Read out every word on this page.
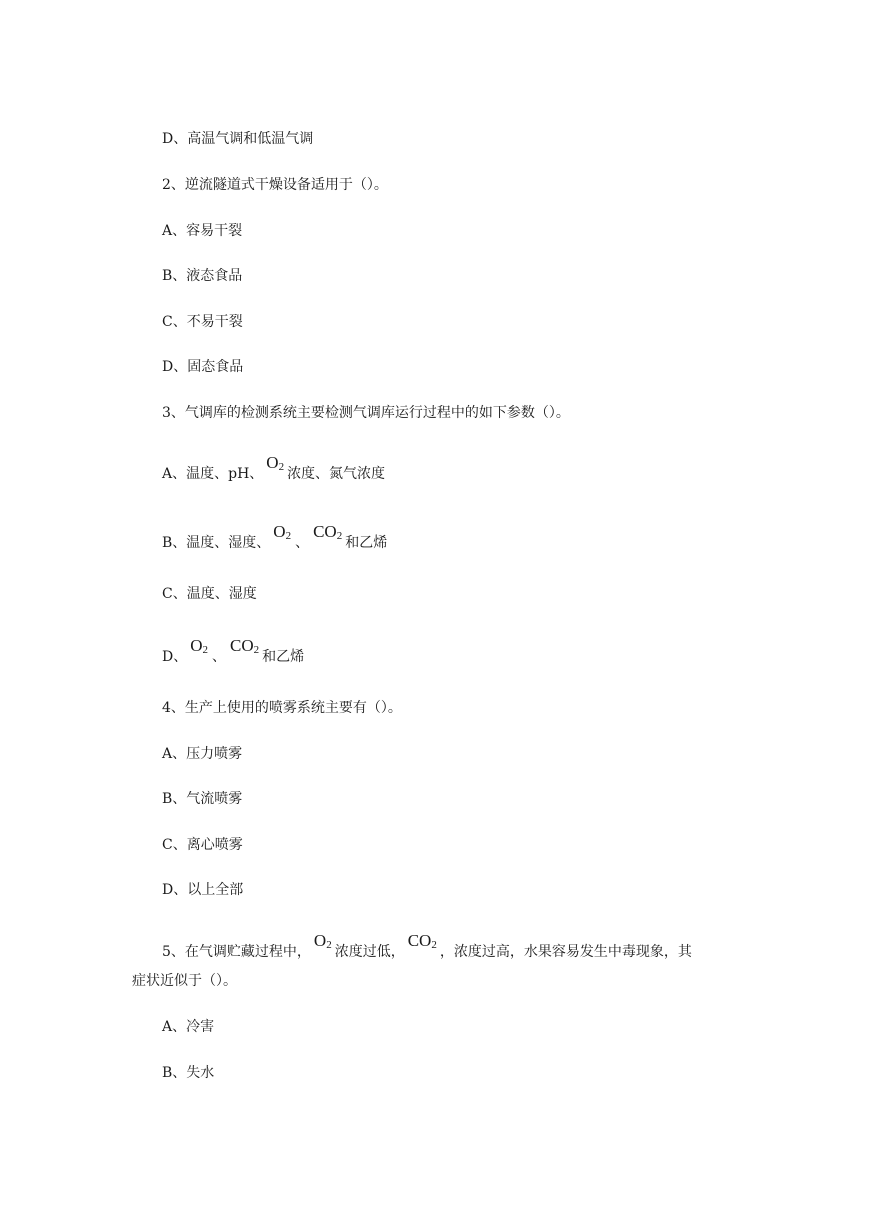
D、高温气调和低温气调
2、逆流隧道式干燥设备适用于（）。
A、容易干裂
B、液态食品
C、不易干裂
D、固态食品
3、气调库的检测系统主要检测气调库运行过程中的如下参数（）。
A、温度、pH、$O_2$ 浓度、氮气浓度
B、温度、湿度、$O_2$ 、$CO_2$ 和乙烯
C、温度、湿度
D、$O_2$ 、$CO_2$ 和乙烯
4、生产上使用的喷雾系统主要有（）。
A、压力喷雾
B、气流喷雾
C、离心喷雾
D、以上全部
5、在气调贮藏过程中，$O_2$ 浓度过低，$CO_2$ ，浓度过高，水果容易发生中毒现象，其
症状近似于（）。
A、冷害
B、失水
